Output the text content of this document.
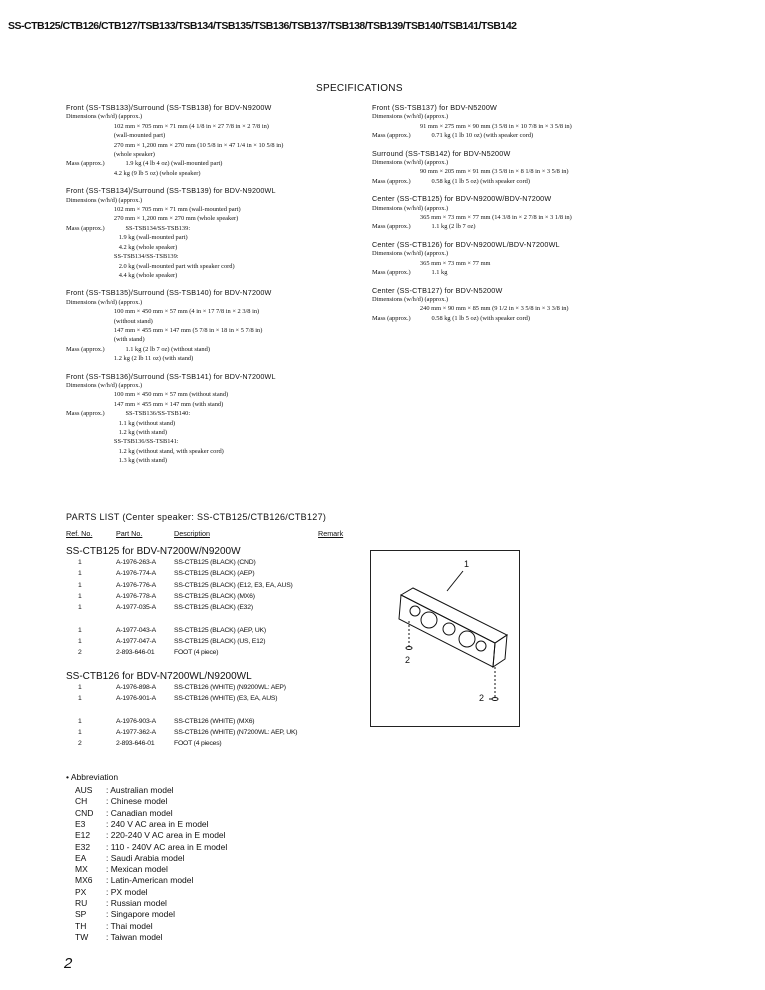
SS-CTB125/CTB126/CTB127/TSB133/TSB134/TSB135/TSB136/TSB137/TSB138/TSB139/TSB140/TSB141/TSB142
SPECIFICATIONS
Front (SS-TSB133)/Surround (SS-TSB138) for BDV-N9200W
Dimensions (w/h/d) (approx.)
102 mm × 705 mm × 71 mm (4 1/8 in × 27 7/8 in × 2 7/8 in)
(wall-mounted part)
270 mm × 1,200 mm × 270 mm (10 5/8 in × 47 1/4 in × 10 5/8 in)
(whole speaker)
Mass (approx.)             1.9 kg (4 lb 4 oz) (wall-mounted part)
4.2 kg (9 lb 5 oz) (whole speaker)
Front (SS-TSB134)/Surround (SS-TSB139) for BDV-N9200WL
Dimensions (w/h/d) (approx.)
102 mm × 705 mm × 71 mm (wall-mounted part)
270 mm × 1,200 mm × 270 mm (whole speaker)
Mass (approx.)             SS-TSB134/SS-TSB139:
1.9 kg (wall-mounted part)
4.2 kg (whole speaker)
SS-TSB134/SS-TSB139:
2.0 kg (wall-mounted part with speaker cord)
4.4 kg (whole speaker)
Front (SS-TSB135)/Surround (SS-TSB140) for BDV-N7200W
Dimensions (w/h/d) (approx.)
100 mm × 450 mm × 57 mm (4 in × 17 7/8 in × 2 3/8 in)
(without stand)
147 mm × 455 mm × 147 mm (5 7/8 in × 18 in × 5 7/8 in)
(with stand)
Mass (approx.)             1.1 kg (2 lb 7 oz) (without stand)
1.2 kg (2 lb 11 oz) (with stand)
Front (SS-TSB136)/Surround (SS-TSB141) for BDV-N7200WL
Dimensions (w/h/d) (approx.)
100 mm × 450 mm × 57 mm (without stand)
147 mm × 455 mm × 147 mm (with stand)
Mass (approx.)             SS-TSB136/SS-TSB140:
1.1 kg (without stand)
1.2 kg (with stand)
SS-TSB136/SS-TSB141:
1.2 kg (without stand, with speaker cord)
1.3 kg (with stand)
Front (SS-TSB137) for BDV-N5200W
Dimensions (w/h/d) (approx.)
91 mm × 275 mm × 90 mm (3 5/8 in × 10 7/8 in × 3 5/8 in)
Mass (approx.)             0.71 kg (1 lb 10 oz) (with speaker cord)
Surround (SS-TSB142) for BDV-N5200W
Dimensions (w/h/d) (approx.)
90 mm × 205 mm × 91 mm (3 5/8 in × 8 1/8 in × 3 5/8 in)
Mass (approx.)             0.58 kg (1 lb 5 oz) (with speaker cord)
Center (SS-CTB125) for BDV-N9200W/BDV-N7200W
Dimensions (w/h/d) (approx.)
365 mm × 73 mm × 77 mm (14 3/8 in × 2 7/8 in × 3 1/8 in)
Mass (approx.)             1.1 kg (2 lb 7 oz)
Center (SS-CTB126) for BDV-N9200WL/BDV-N7200WL
Dimensions (w/h/d) (approx.)
365 mm × 73 mm × 77 mm
Mass (approx.)             1.1 kg
Center (SS-CTB127) for BDV-N5200W
Dimensions (w/h/d) (approx.)
240 mm × 90 mm × 85 mm (9 1/2 in × 3 5/8 in × 3 3/8 in)
Mass (approx.)             0.58 kg (1 lb 5 oz) (with speaker cord)
PARTS LIST (Center speaker: SS-CTB125/CTB126/CTB127)
Ref. No.	Part No.	Description	Remark
SS-CTB125 for BDV-N7200W/N9200W
1	A-1976-263-A	SS-CTB125 (BLACK) (CND)
1	A-1976-774-A	SS-CTB125 (BLACK) (AEP)
1	A-1976-776-A	SS-CTB125 (BLACK) (E12, E3, EA, AUS)
1	A-1976-778-A	SS-CTB125 (BLACK) (MX6)
1	A-1977-035-A	SS-CTB125 (BLACK) (E32)
1	A-1977-043-A	SS-CTB125 (BLACK) (AEP, UK)
1	A-1977-047-A	SS-CTB125 (BLACK) (US, E12)
2	2-893-646-01	FOOT (4 piece)
SS-CTB126 for BDV-N7200WL/N9200WL
1	A-1976-898-A	SS-CTB126 (WHITE) (N9200WL: AEP)
1	A-1976-901-A	SS-CTB126 (WHITE) (E3, EA, AUS)
1	A-1976-903-A	SS-CTB126 (WHITE) (MX6)
1	A-1977-362-A	SS-CTB126 (WHITE) (N7200WL: AEP, UK)
2	2-893-646-01	FOOT (4 pieces)
1
2
2
• Abbreviation
AUS : Australian model
CH : Chinese model
CND : Canadian model
E3 : 240 V AC area in E model
E12 : 220-240 V AC area in E model
E32 : 110 - 240V AC area in E model
EA : Saudi Arabia model
MX : Mexican model
MX6 : Latin-American model
PX : PX model
RU : Russian model
SP : Singapore model
TH : Thai model
TW : Taiwan model
2
